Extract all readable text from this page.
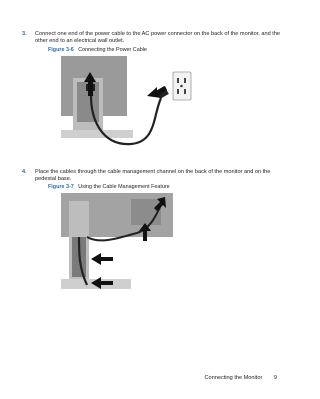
3. Connect one end of the power cable to the AC power connector on the back of the monitor, and the other end to an electrical wall outlet.
Figure 3-6 Connecting the Power Cable
4. Place the cables through the cable management channel on the back of the monitor and on the pedestal base.
Figure 3-7 Using the Cable Management Feature
Connecting the Monitor 9
